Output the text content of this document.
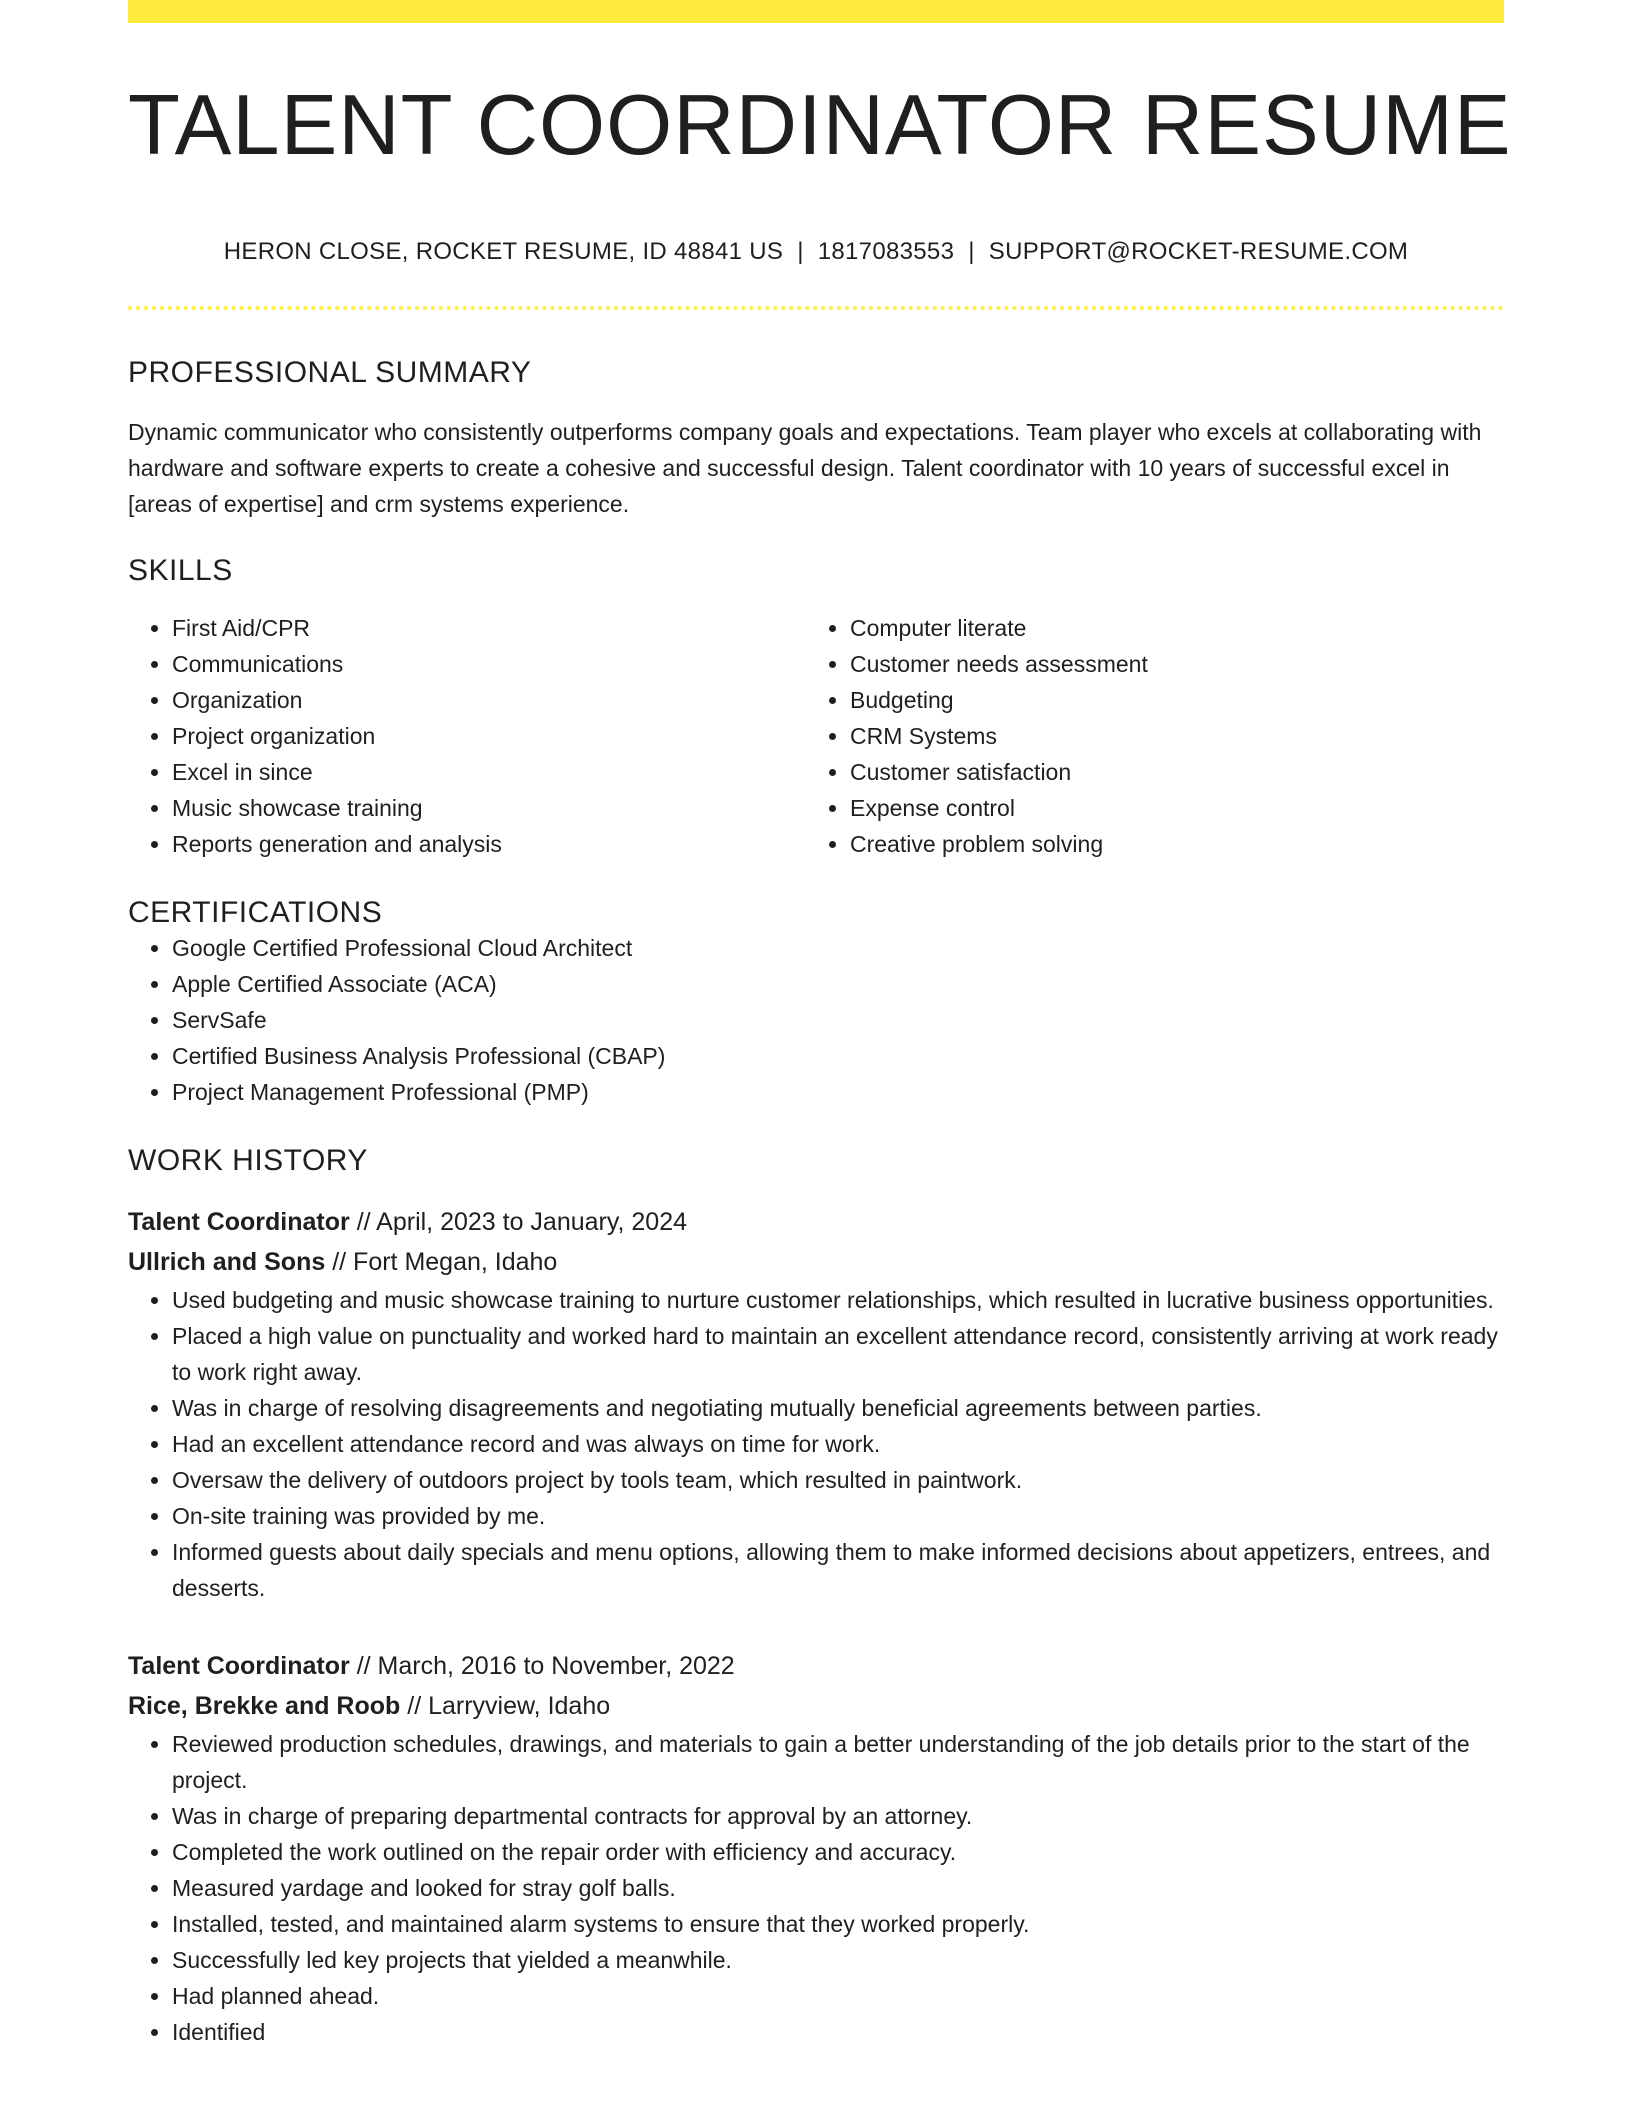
TALENT COORDINATOR RESUME
HERON CLOSE, ROCKET RESUME, ID 48841 US | 1817083553 | SUPPORT@ROCKET-RESUME.COM
PROFESSIONAL SUMMARY

Dynamic communicator who consistently outperforms company goals and expectations. Team player who excels at collaborating with hardware and software experts to create a cohesive and successful design. Talent coordinator with 10 years of successful excel in [areas of expertise] and crm systems experience.

SKILLS
• First Aid/CPR
• Communications
• Organization
• Project organization
• Excel in since
• Music showcase training
• Reports generation and analysis
• Computer literate
• Customer needs assessment
• Budgeting
• CRM Systems
• Customer satisfaction
• Expense control
• Creative problem solving
CERTIFICATIONS
• Google Certified Professional Cloud Architect
• Apple Certified Associate (ACA)
• ServSafe
• Certified Business Analysis Professional (CBAP)
• Project Management Professional (PMP)
WORK HISTORY
Talent Coordinator // April, 2023 to January, 2024
Ullrich and Sons // Fort Megan, Idaho
• Used budgeting and music showcase training to nurture customer relationships, which resulted in lucrative business opportunities.
• Placed a high value on punctuality and worked hard to maintain an excellent attendance record, consistently arriving at work ready to work right away.
• Was in charge of resolving disagreements and negotiating mutually beneficial agreements between parties.
• Had an excellent attendance record and was always on time for work.
• Oversaw the delivery of outdoors project by tools team, which resulted in paintwork.
• On-site training was provided by me.
• Informed guests about daily specials and menu options, allowing them to make informed decisions about appetizers, entrees, and desserts.
Talent Coordinator // March, 2016 to November, 2022
Rice, Brekke and Roob // Larryview, Idaho
• Reviewed production schedules, drawings, and materials to gain a better understanding of the job details prior to the start of the project.
• Was in charge of preparing departmental contracts for approval by an attorney.
• Completed the work outlined on the repair order with efficiency and accuracy.
• Measured yardage and looked for stray golf balls.
• Installed, tested, and maintained alarm systems to ensure that they worked properly.
• Successfully led key projects that yielded a meanwhile.
• Had planned ahead.
• Identified
